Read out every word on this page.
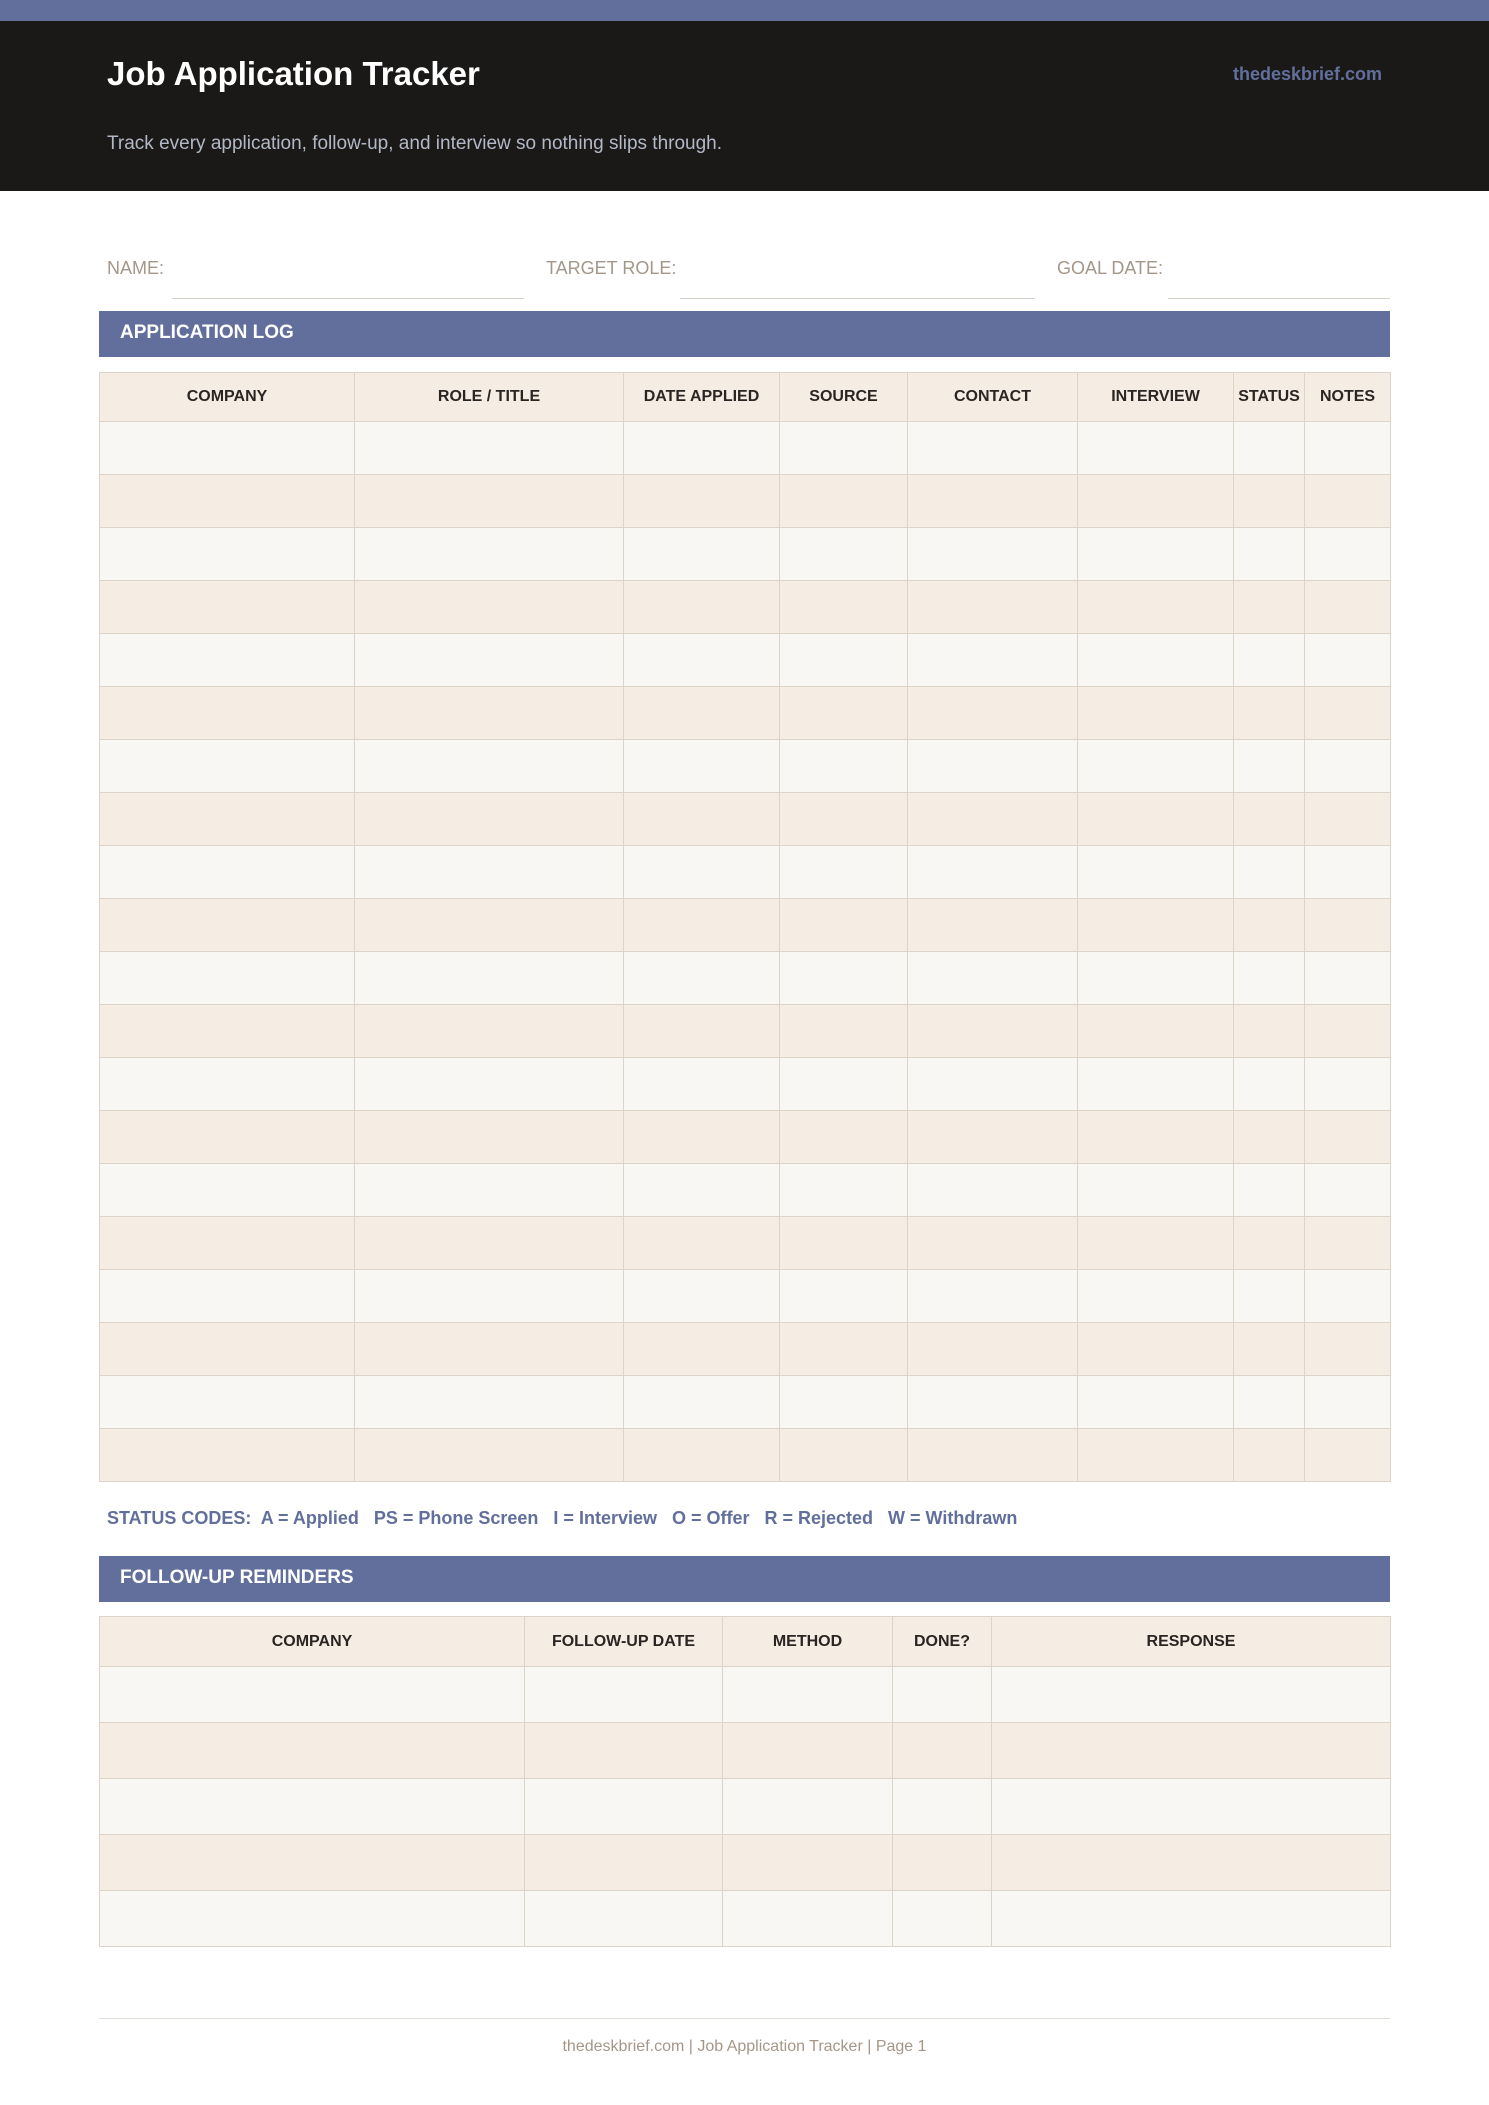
Job Application Tracker	thedeskbrief.com
Track every application, follow-up, and interview so nothing slips through.
NAME:	TARGET ROLE:	GOAL DATE:
APPLICATION LOG
COMPANY	ROLE / TITLE	DATE APPLIED	SOURCE	CONTACT	INTERVIEW	STATUS	NOTES

STATUS CODES: A = Applied   PS = Phone Screen   I = Interview   O = Offer   R = Rejected   W = Withdrawn
FOLLOW-UP REMINDERS
COMPANY	FOLLOW-UP DATE	METHOD	DONE?	RESPONSE

thedeskbrief.com | Job Application Tracker | Page 1
